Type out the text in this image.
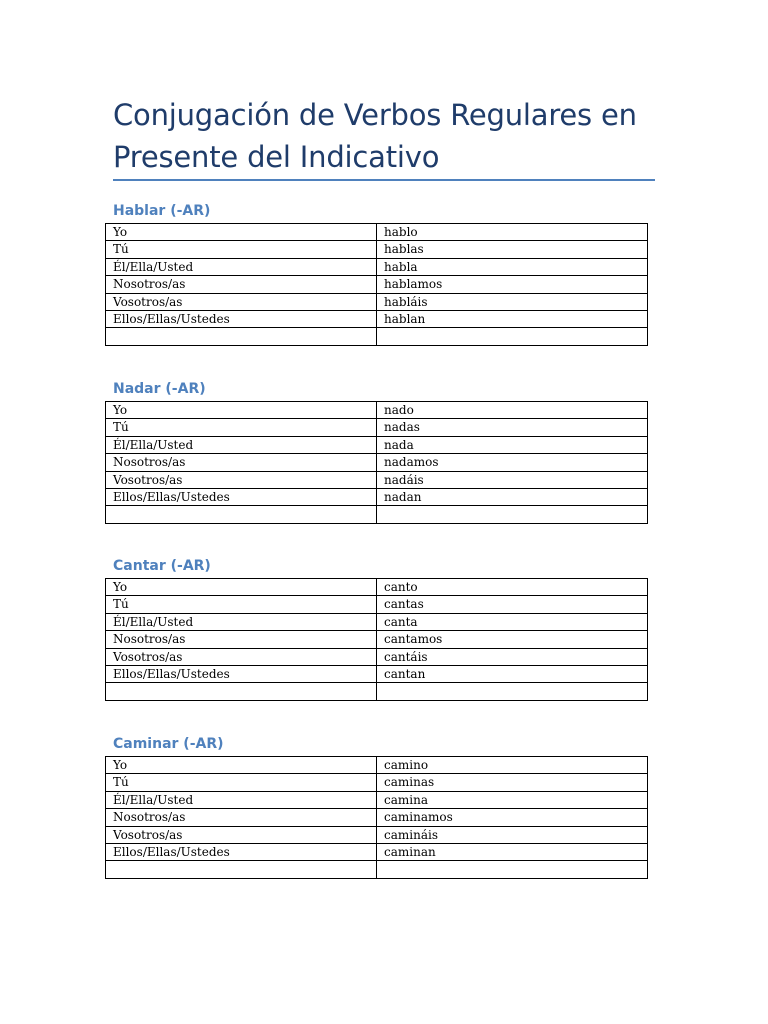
Conjugación de Verbos Regulares en Presente del Indicativo
Hablar (-AR)
Yo	hablo
Tú	hablas
Él/Ella/Usted	habla
Nosotros/as	hablamos
Vosotros/as	habláis
Ellos/Ellas/Ustedes	hablan

Nadar (-AR)
Yo	nado
Tú	nadas
Él/Ella/Usted	nada
Nosotros/as	nadamos
Vosotros/as	nadáis
Ellos/Ellas/Ustedes	nadan

Cantar (-AR)
Yo	canto
Tú	cantas
Él/Ella/Usted	canta
Nosotros/as	cantamos
Vosotros/as	cantáis
Ellos/Ellas/Ustedes	cantan

Caminar (-AR)
Yo	camino
Tú	caminas
Él/Ella/Usted	camina
Nosotros/as	caminamos
Vosotros/as	camináis
Ellos/Ellas/Ustedes	caminan
